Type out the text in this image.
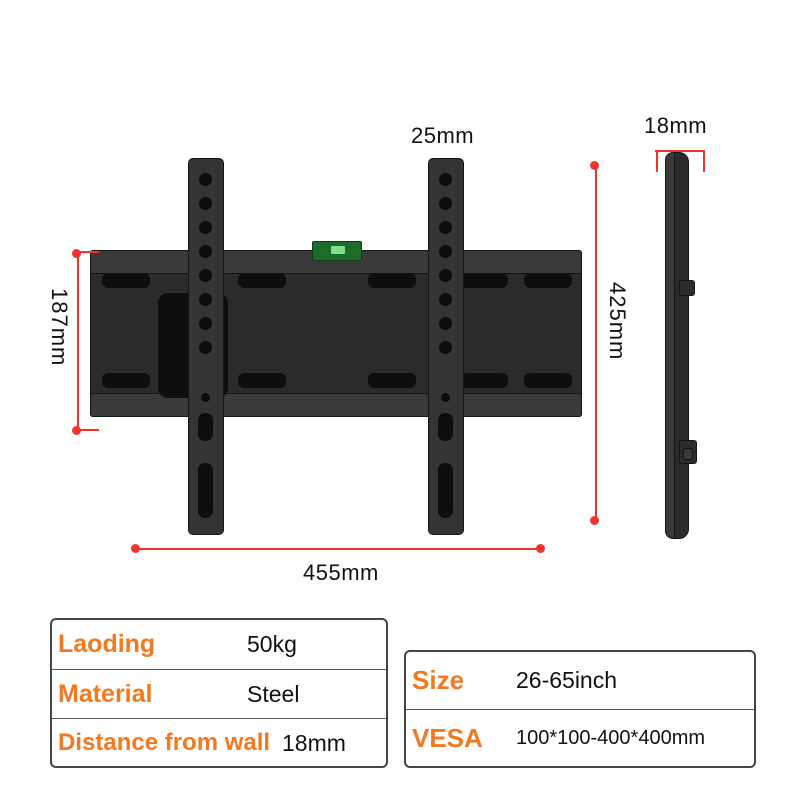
25mm	18mm
187mm	425mm
455mm
Laoding	50kg
Material	Steel
Distance from wall 18mm
Size	26-65inch
VESA	100*100-400*400mm
